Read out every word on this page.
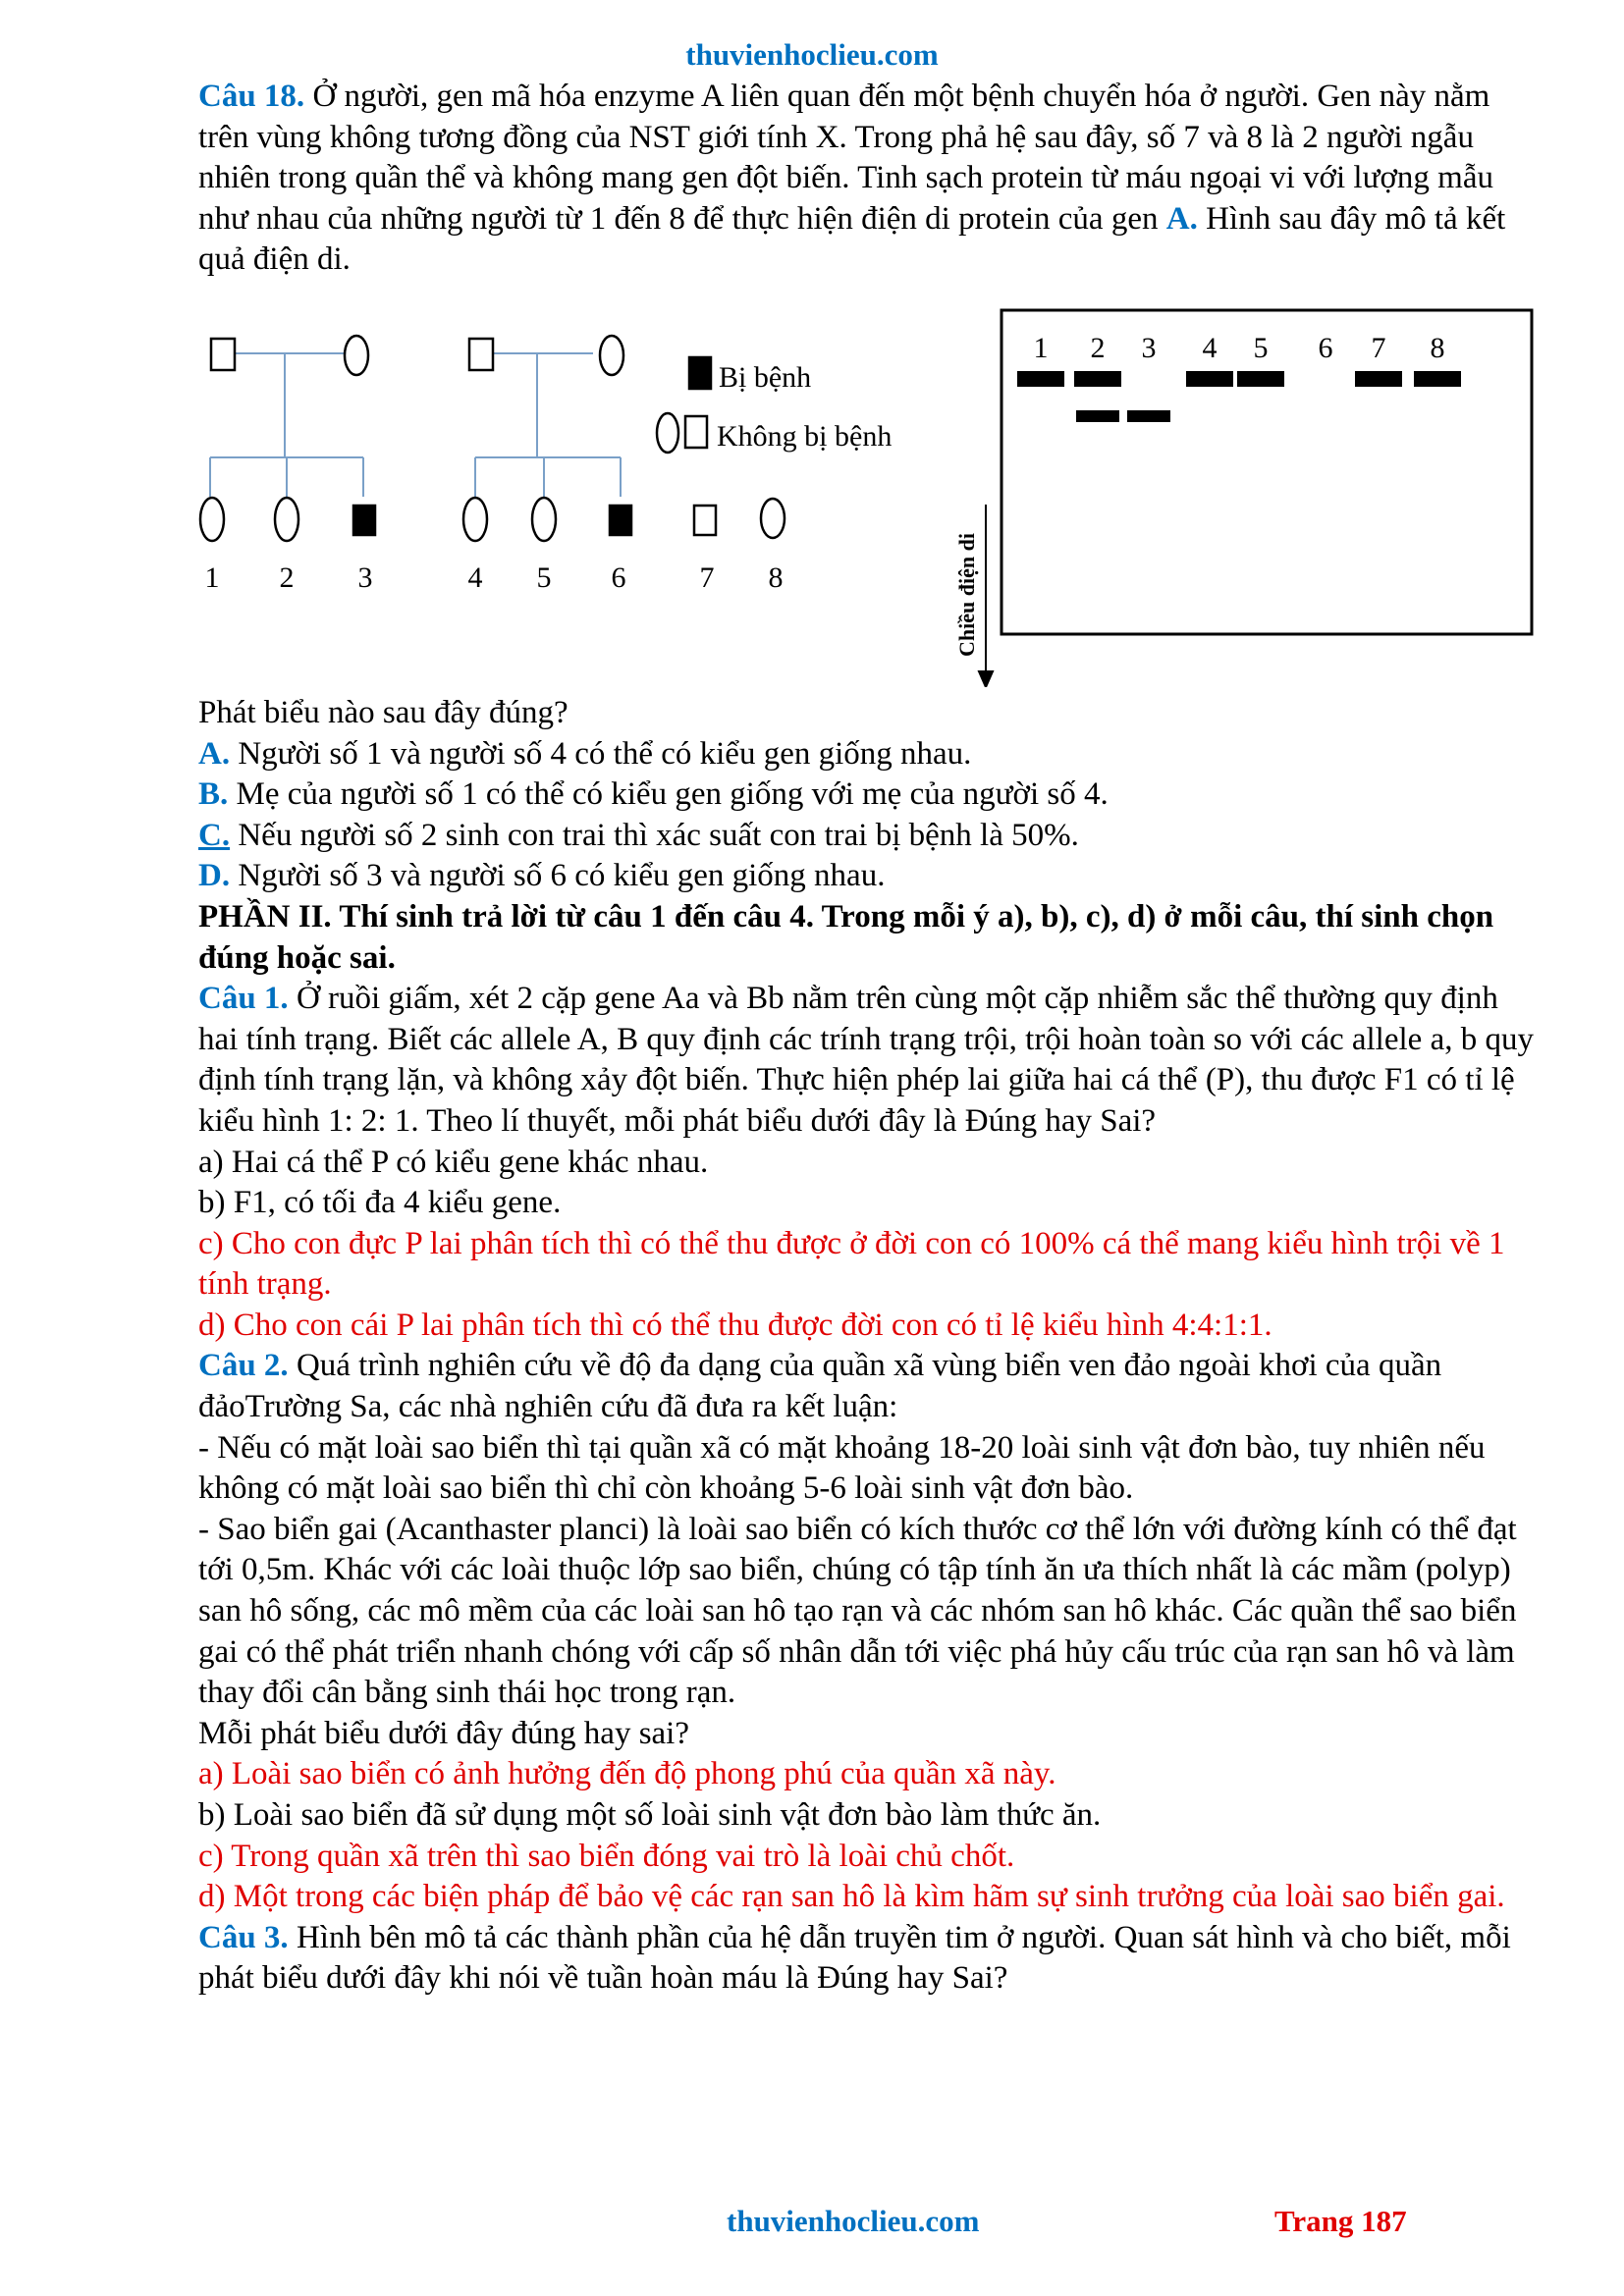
thuvienhoclieu.com

Câu 18. Ở người, gen mã hóa enzyme A liên quan đến một bệnh chuyển hóa ở người. Gen này nằm trên vùng không tương đồng của NST giới tính X. Trong phả hệ sau đây, số 7 và 8 là 2 người ngẫu nhiên trong quần thể và không mang gen đột biến. Tinh sạch protein từ máu ngoại vi với lượng mẫu như nhau của những người từ 1 đến 8 để thực hiện điện di protein của gen A. Hình sau đây mô tả kết quả điện di.

Bị bệnh
Không bị bệnh
1 2 3	4 5 6	7 8	Chiều điện di
1 2 3 4 5 6 7 8

Phát biểu nào sau đây đúng?

A. Người số 1 và người số 4 có thể có kiểu gen giống nhau.

B. Mẹ của người số 1 có thể có kiểu gen giống với mẹ của người số 4.

C. Nếu người số 2 sinh con trai thì xác suất con trai bị bệnh là 50%.

D. Người số 3 và người số 6 có kiểu gen giống nhau.

PHẦN II. Thí sinh trả lời từ câu 1 đến câu 4. Trong mỗi ý a), b), c), d) ở mỗi câu, thí sinh chọn đúng hoặc sai.

Câu 1. Ở ruồi giấm, xét 2 cặp gene Aa và Bb nằm trên cùng một cặp nhiễm sắc thể thường quy định hai tính trạng. Biết các allele A, B quy định các trính trạng trội, trội hoàn toàn so với các allele a, b quy định tính trạng lặn, và không xảy đột biến. Thực hiện phép lai giữa hai cá thể (P), thu được F1 có tỉ lệ kiểu hình 1: 2: 1. Theo lí thuyết, mỗi phát biểu dưới đây là Đúng hay Sai?

a) Hai cá thể P có kiểu gene khác nhau.

b) F1, có tối đa 4 kiểu gene.

c) Cho con đực P lai phân tích thì có thể thu được ở đời con có 100% cá thể mang kiểu hình trội về 1 tính trạng.

d) Cho con cái P lai phân tích thì có thể thu được đời con có tỉ lệ kiểu hình 4:4:1:1.

Câu 2. Quá trình nghiên cứu về độ đa dạng của quần xã vùng biển ven đảo ngoài khơi của quần đảoTrường Sa, các nhà nghiên cứu đã đưa ra kết luận:

- Nếu có mặt loài sao biển thì tại quần xã có mặt khoảng 18-20 loài sinh vật đơn bào, tuy nhiên nếu

không có mặt loài sao biển thì chỉ còn khoảng 5-6 loài sinh vật đơn bào.

- Sao biển gai (Acanthaster planci) là loài sao biển có kích thước cơ thể lớn với đường kính có thể đạt tới 0,5m. Khác với các loài thuộc lớp sao biển, chúng có tập tính ăn ưa thích nhất là các mầm (polyp) san hô sống, các mô mềm của các loài san hô tạo rạn và các nhóm san hô khác. Các quần thể sao biển gai có thể phát triển nhanh chóng với cấp số nhân dẫn tới việc phá hủy cấu trúc của rạn san hô và làm thay đổi cân bằng sinh thái học trong rạn.

Mỗi phát biểu dưới đây đúng hay sai?

a) Loài sao biển có ảnh hưởng đến độ phong phú của quần xã này.

b) Loài sao biển đã sử dụng một số loài sinh vật đơn bào làm thức ăn.

c) Trong quần xã trên thì sao biển đóng vai trò là loài chủ chốt.

d) Một trong các biện pháp để bảo vệ các rạn san hô là kìm hãm sự sinh trưởng của loài sao biển gai.

Câu 3. Hình bên mô tả các thành phần của hệ dẫn truyền tim ở người. Quan sát hình và cho biết, mỗi phát biểu dưới đây khi nói về tuần hoàn máu là Đúng hay Sai?

thuvienhoclieu.com	Trang 187
